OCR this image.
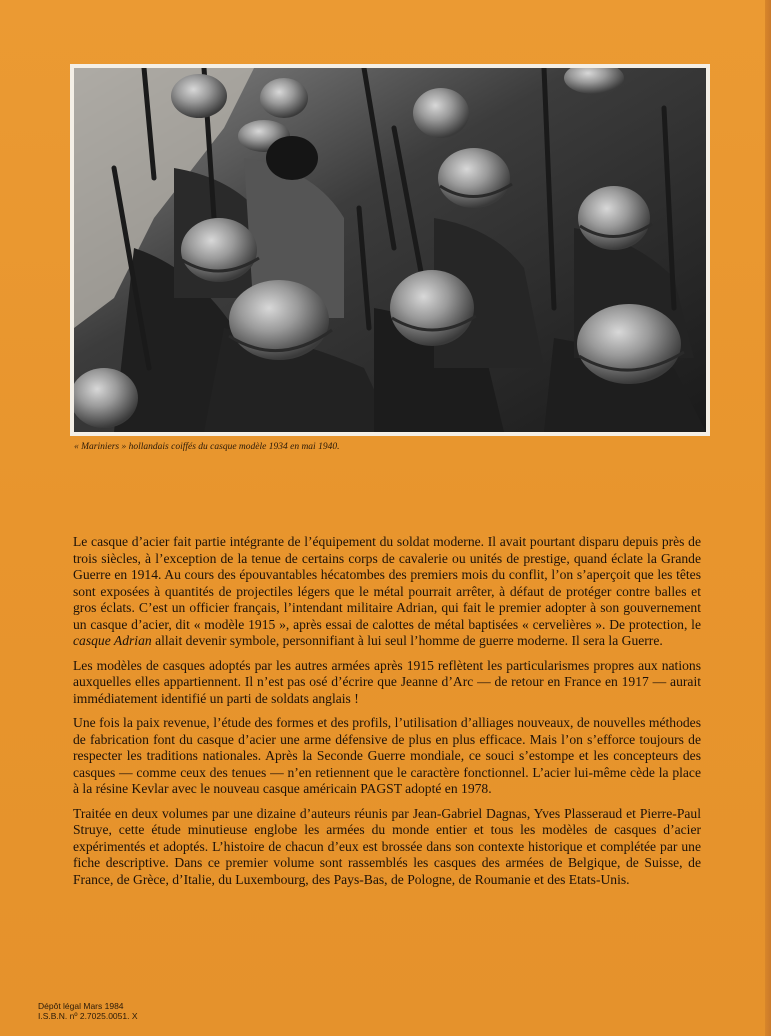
« Mariniers » hollandais coiffés du casque modèle 1934 en mai 1940.

Le casque d’acier fait partie intégrante de l’équipement du soldat moderne. Il avait pourtant disparu depuis près de trois siècles, à l’exception de la tenue de certains corps de cavalerie ou unités de prestige, quand éclate la Grande Guerre en 1914. Au cours des épouvantables hécatombes des premiers mois du conflit, l’on s’aperçoit que les têtes sont exposées à quantités de projectiles légers que le métal pourrait arrêter, à défaut de protéger contre balles et gros éclats. C’est un officier français, l’intendant militaire Adrian, qui fait le premier adopter à son gouvernement un casque d’acier, dit « modèle 1915 », après essai de calottes de métal baptisées « cervelières ». De protection, le casque Adrian allait devenir symbole, personnifiant à lui seul l’homme de guerre moderne. Il sera la Guerre.

Les modèles de casques adoptés par les autres armées après 1915 reflètent les particularismes propres aux nations auxquelles elles appartiennent. Il n’est pas osé d’écrire que Jeanne d’Arc — de retour en France en 1917 — aurait immédiatement identifié un parti de soldats anglais !

Une fois la paix revenue, l’étude des formes et des profils, l’utilisation d’alliages nouveaux, de nouvelles méthodes de fabrication font du casque d’acier une arme défensive de plus en plus efficace. Mais l’on s’efforce toujours de respecter les traditions nationales. Après la Seconde Guerre mondiale, ce souci s’estompe et les concepteurs des casques — comme ceux des tenues — n’en retiennent que le caractère fonctionnel. L’acier lui-même cède la place à la résine Kevlar avec le nouveau casque américain PAGST adopté en 1978.

Traitée en deux volumes par une dizaine d’auteurs réunis par Jean-Gabriel Dagnas, Yves Plasseraud et Pierre-Paul Struye, cette étude minutieuse englobe les armées du monde entier et tous les modèles de casques d’acier expérimentés et adoptés. L’histoire de chacun d’eux est brossée dans son contexte historique et complétée par une fiche descriptive. Dans ce premier volume sont rassemblés les casques des armées de Belgique, de Suisse, de France, de Grèce, d’Italie, du Luxembourg, des Pays-Bas, de Pologne, de Roumanie et des Etats-Unis.

Dépôt légal Mars 1984
I.S.B.N. nº 2.7025.0051. X
